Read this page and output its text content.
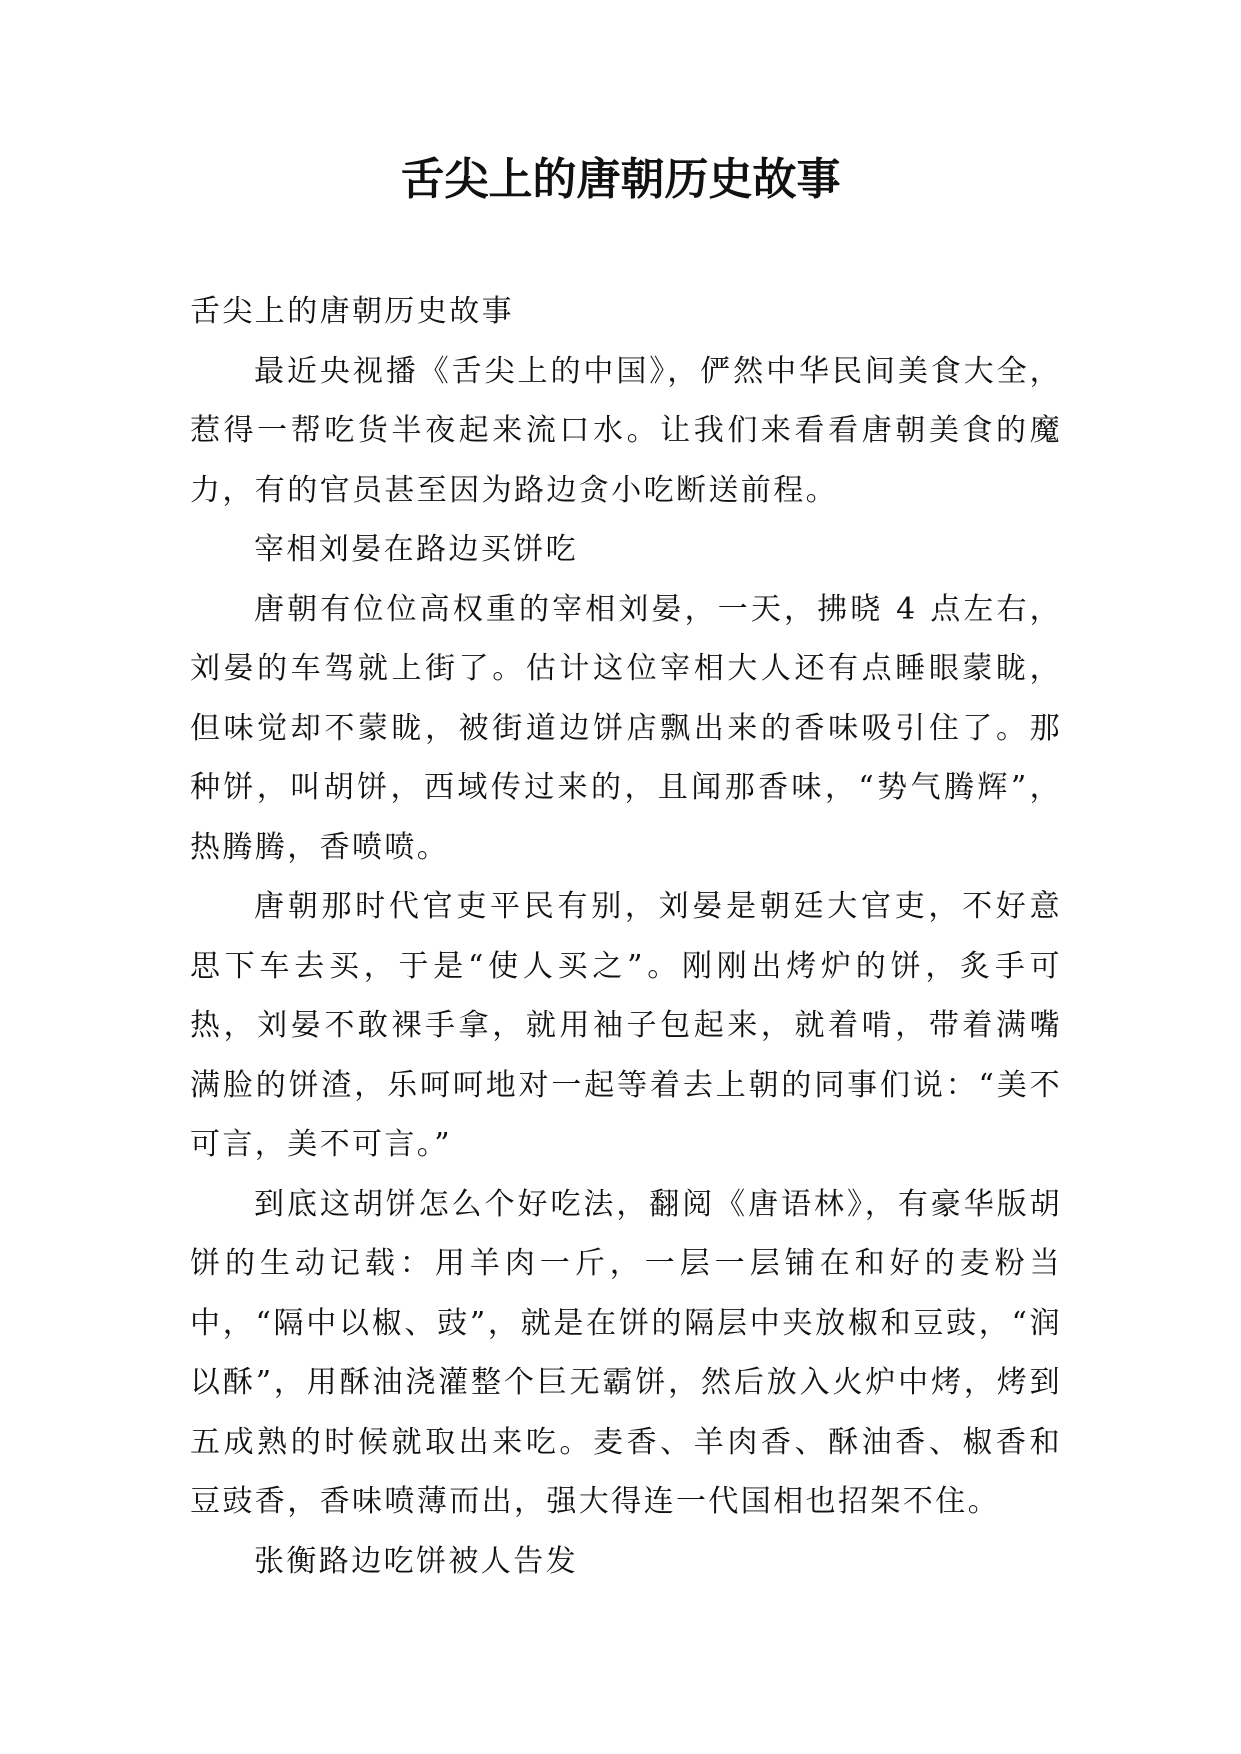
舌尖上的唐朝历史故事

舌尖上的唐朝历史故事

最近央视播《舌尖上的中国》，俨然中华民间美食大全，惹得一帮吃货半夜起来流口水。让我们来看看唐朝美食的魔力，有的官员甚至因为路边贪小吃断送前程。

宰相刘晏在路边买饼吃

唐朝有位位高权重的宰相刘晏，一天，拂晓 4 点左右，刘晏的车驾就上街了。估计这位宰相大人还有点睡眼蒙眬，但味觉却不蒙眬，被街道边饼店飘出来的香味吸引住了。那种饼，叫胡饼，西域传过来的，且闻那香味，“势气腾辉”，热腾腾，香喷喷。

唐朝那时代官吏平民有别，刘晏是朝廷大官吏，不好意思下车去买，于是“使人买之”。刚刚出烤炉的饼，炙手可热，刘晏不敢裸手拿，就用袖子包起来，就着啃，带着满嘴满脸的饼渣，乐呵呵地对一起等着去上朝的同事们说：“美不可言，美不可言。”

到底这胡饼怎么个好吃法，翻阅《唐语林》，有豪华版胡饼的生动记载：用羊肉一斤，一层一层铺在和好的麦粉当中，“隔中以椒、豉”，就是在饼的隔层中夹放椒和豆豉，“润以酥”，用酥油浇灌整个巨无霸饼，然后放入火炉中烤，烤到五成熟的时候就取出来吃。麦香、羊肉香、酥油香、椒香和豆豉香，香味喷薄而出，强大得连一代国相也招架不住。

张衡路边吃饼被人告发
